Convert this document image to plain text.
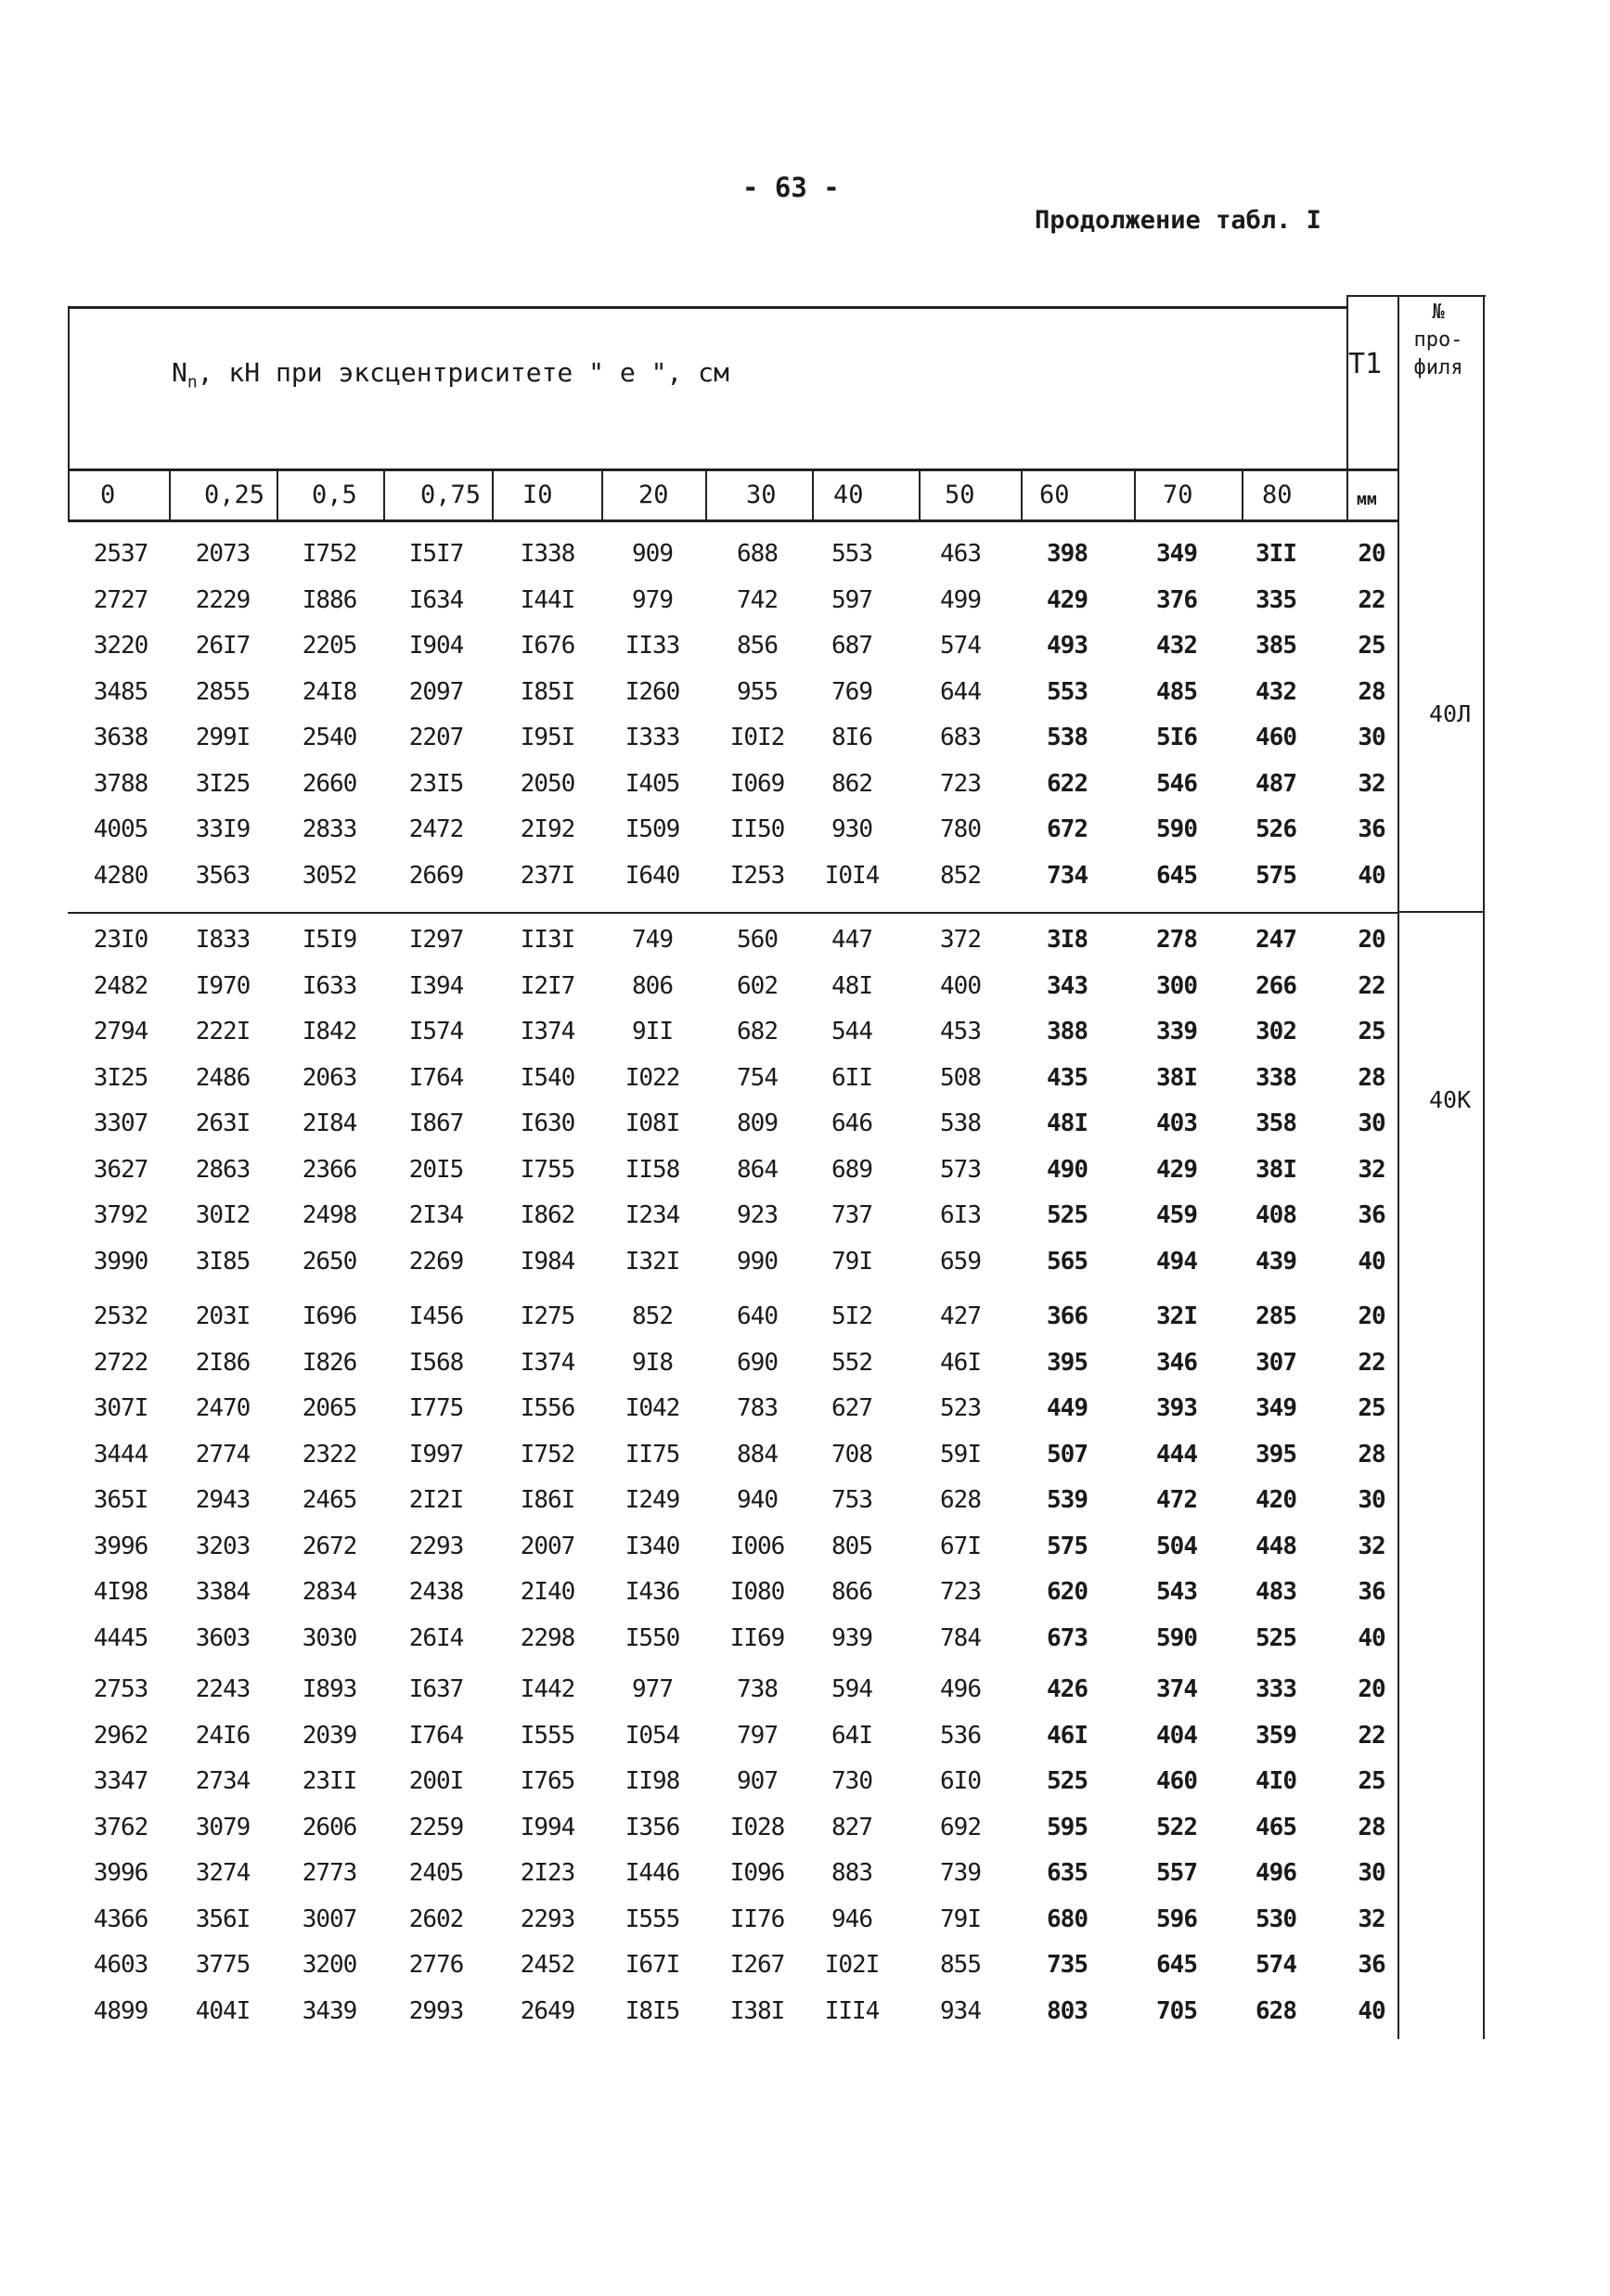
- 63 -
Продолжение табл. I
$N_n$, кН при эксцентриситете " e ", см	T1
№
про-
филя
мм
0	0,25 0,5	0,75 I0	20	30 40	50	60	70	80
2537 2073 I752 I5I7 I338 909	688 553	463	398	349 3II	20
2727 2229 I886 I634 I44I 979	742 597	499	429	376 335	22
3220 26I7 2205 I904 I676 II33 856 687	574	493	432 385	25
3485 2855 24I8 2097 I85I I260 955 769	644	553	485 432	28
3638 299I 2540 2207 I95I I333 I0I2 8I6	683	538	5I6 460	30
3788 3I25 2660 23I5 2050 I405 I069 862	723	622	546 487	32
4005 33I9 2833 2472 2I92 I509 II50 930	780	672	590 526	36
4280 3563 3052 2669 237I I640 I253 I0I4	852	734	645 575	40
40Л
23I0 I833 I5I9 I297 II3I 749	560 447	372	3I8	278 247	20
2482 I970 I633 I394 I2I7 806	602 48I	400	343	300 266	22
2794 222I I842 I574 I374 9II	682 544	453	388	339 302	25
3I25 2486 2063 I764 I540 I022 754 6II	508	435	38I 338	28
3307 263I 2I84 I867 I630 I08I 809 646	538	48I	403 358	30
3627 2863 2366 20I5 I755 II58 864 689	573	490	429 38I	32
3792 30I2 2498 2I34 I862 I234 923 737	6I3	525	459 408	36
3990 3I85 2650 2269 I984 I32I 990 79I	659	565	494 439	40
40К
2532 203I I696 I456 I275 852	640 5I2	427	366	32I 285	20
2722 2I86 I826 I568 I374 9I8	690 552	46I	395	346 307	22
307I 2470 2065 I775 I556 I042 783 627	523	449	393 349	25
3444 2774 2322 I997 I752 II75 884 708	59I	507	444 395	28
365I 2943 2465 2I2I I86I I249 940 753	628	539	472 420	30
3996 3203 2672 2293 2007 I340 I006 805	67I	575	504 448	32
4I98 3384 2834 2438 2I40 I436 I080 866	723	620	543 483	36
4445 3603 3030 26I4 2298 I550 II69 939	784	673	590 525	40
2753 2243 I893 I637 I442 977	738 594	496	426	374 333	20
2962 24I6 2039 I764 I555 I054 797 64I	536	46I	404 359	22
3347 2734 23II 200I I765 II98 907 730	6I0	525	460 4I0	25
3762 3079 2606 2259 I994 I356 I028 827	692	595	522 465	28
3996 3274 2773 2405 2I23 I446 I096 883	739	635	557 496	30
4366 356I 3007 2602 2293 I555 II76 946	79I	680	596 530	32
4603 3775 3200 2776 2452 I67I I267 I02I	855	735	645 574	36
4899 404I 3439 2993 2649 I8I5 I38I III4	934	803	705 628	40
